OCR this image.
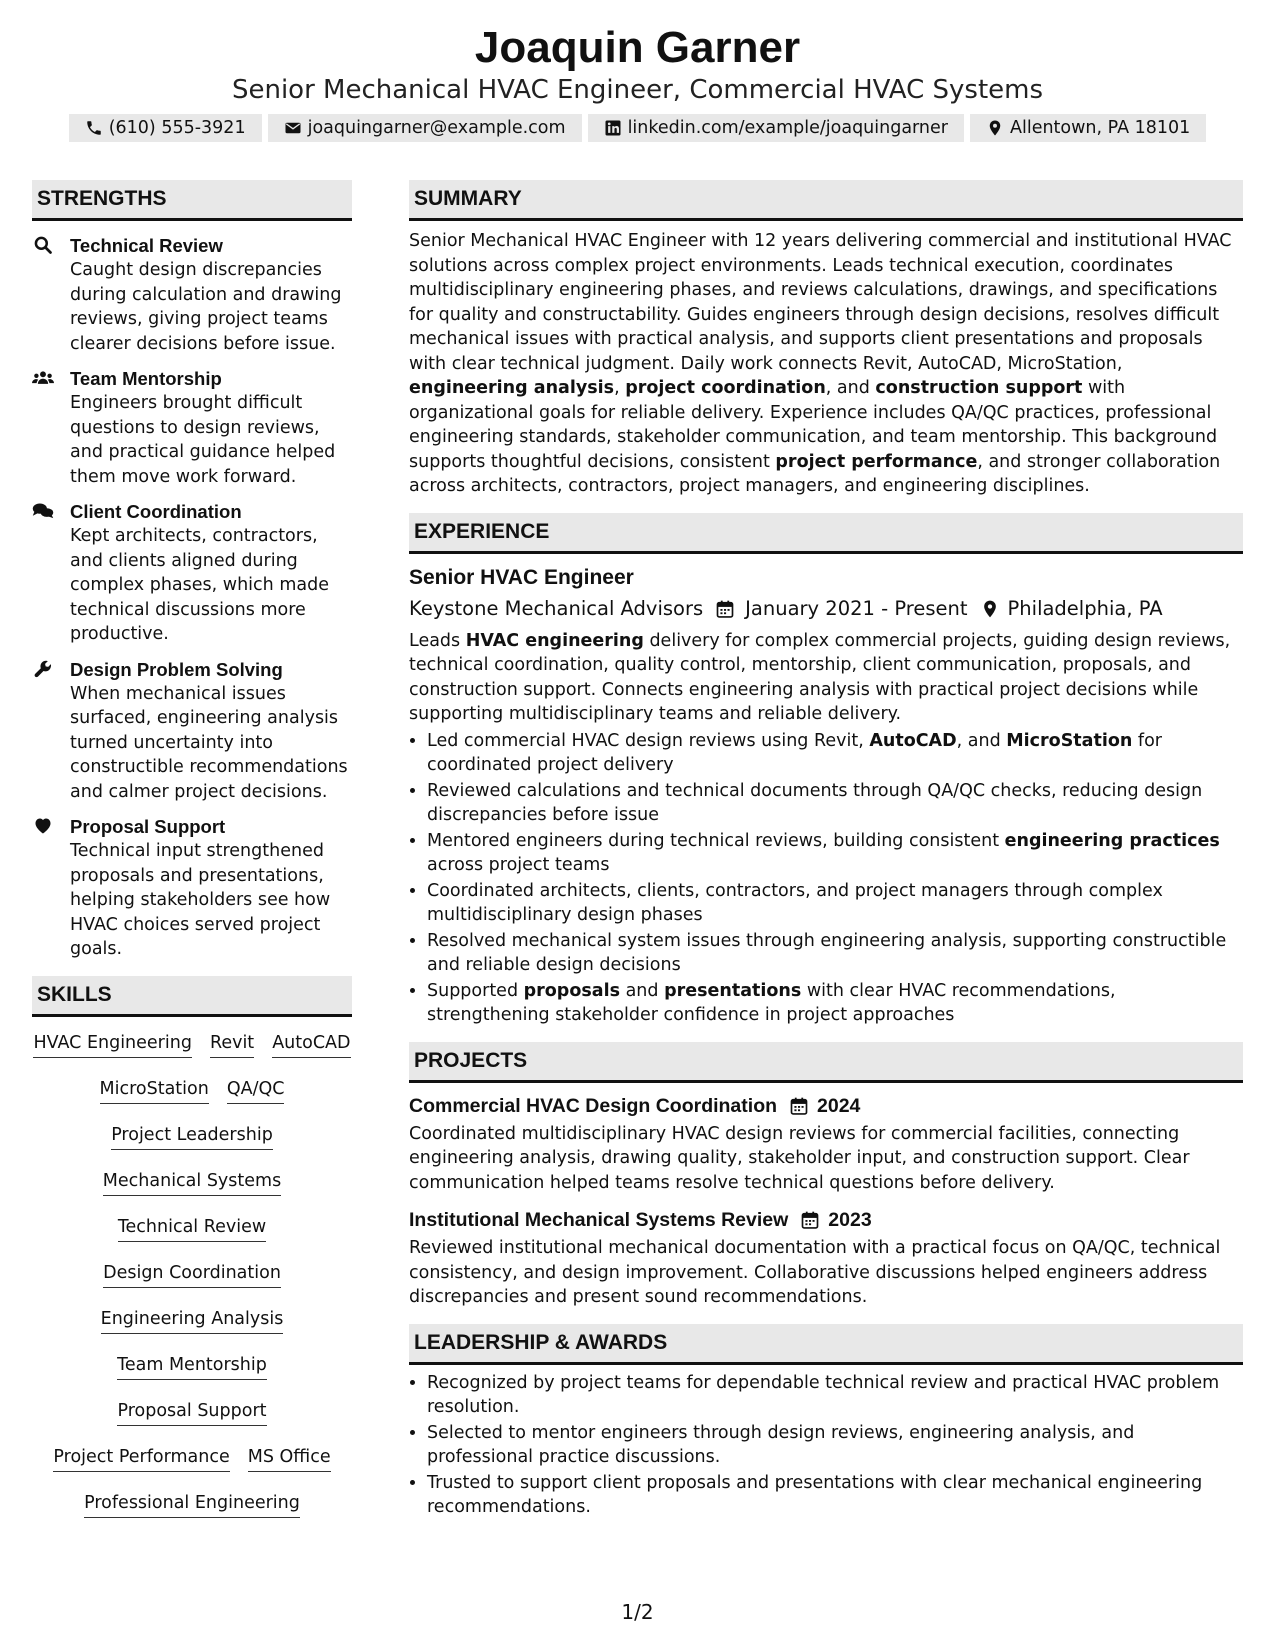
Joaquin Garner
Senior Mechanical HVAC Engineer, Commercial HVAC Systems
(610) 555-3921	joaquingarner@example.com	linkedin.com/example/joaquingarner	Allentown, PA 18101
STRENGTHS
Technical Review
Caught design discrepancies during calculation and drawing reviews, giving project teams clearer decisions before issue.
Team Mentorship
Engineers brought difficult questions to design reviews, and practical guidance helped them move work forward.
Client Coordination
Kept architects, contractors, and clients aligned during complex phases, which made technical discussions more productive.
Design Problem Solving
When mechanical issues surfaced, engineering analysis turned uncertainty into constructible recommendations and calmer project decisions.
Proposal Support
Technical input strengthened proposals and presentations, helping stakeholders see how HVAC choices served project goals.
SKILLS
HVAC Engineering Revit AutoCAD
MicroStation QA/QC
Project Leadership
Mechanical Systems
Technical Review
Design Coordination
Engineering Analysis
Team Mentorship
Proposal Support
Project Performance MS Office
Professional Engineering
SUMMARY
Senior Mechanical HVAC Engineer with 12 years delivering commercial and institutional HVAC solutions across complex project environments. Leads technical execution, coordinates multidisciplinary engineering phases, and reviews calculations, drawings, and specifications for quality and constructability. Guides engineers through design decisions, resolves difficult mechanical issues with practical analysis, and supports client presentations and proposals with clear technical judgment. Daily work connects Revit, AutoCAD, MicroStation, engineering analysis, project coordination, and construction support with organizational goals for reliable delivery. Experience includes QA/QC practices, professional engineering standards, stakeholder communication, and team mentorship. This background supports thoughtful decisions, consistent project performance, and stronger collaboration across architects, contractors, project managers, and engineering disciplines.
EXPERIENCE
Senior HVAC Engineer
Keystone Mechanical Advisors January 2021 - Present Philadelphia, PA
Leads HVAC engineering delivery for complex commercial projects, guiding design reviews, technical coordination, quality control, mentorship, client communication, proposals, and construction support. Connects engineering analysis with practical project decisions while supporting multidisciplinary teams and reliable delivery.
• Led commercial HVAC design reviews using Revit, AutoCAD, and MicroStation for coordinated project delivery
• Reviewed calculations and technical documents through QA/QC checks, reducing design discrepancies before issue
• Mentored engineers during technical reviews, building consistent engineering practices across project teams
• Coordinated architects, clients, contractors, and project managers through complex multidisciplinary design phases
• Resolved mechanical system issues through engineering analysis, supporting constructible and reliable design decisions
• Supported proposals and presentations with clear HVAC recommendations, strengthening stakeholder confidence in project approaches
PROJECTS
Commercial HVAC Design Coordination 2024
Coordinated multidisciplinary HVAC design reviews for commercial facilities, connecting engineering analysis, drawing quality, stakeholder input, and construction support. Clear communication helped teams resolve technical questions before delivery.
Institutional Mechanical Systems Review 2023
Reviewed institutional mechanical documentation with a practical focus on QA/QC, technical consistency, and design improvement. Collaborative discussions helped engineers address discrepancies and present sound recommendations.
LEADERSHIP & AWARDS
• Recognized by project teams for dependable technical review and practical HVAC problem resolution.
• Selected to mentor engineers through design reviews, engineering analysis, and professional practice discussions.
• Trusted to support client proposals and presentations with clear mechanical engineering recommendations.
1/2
